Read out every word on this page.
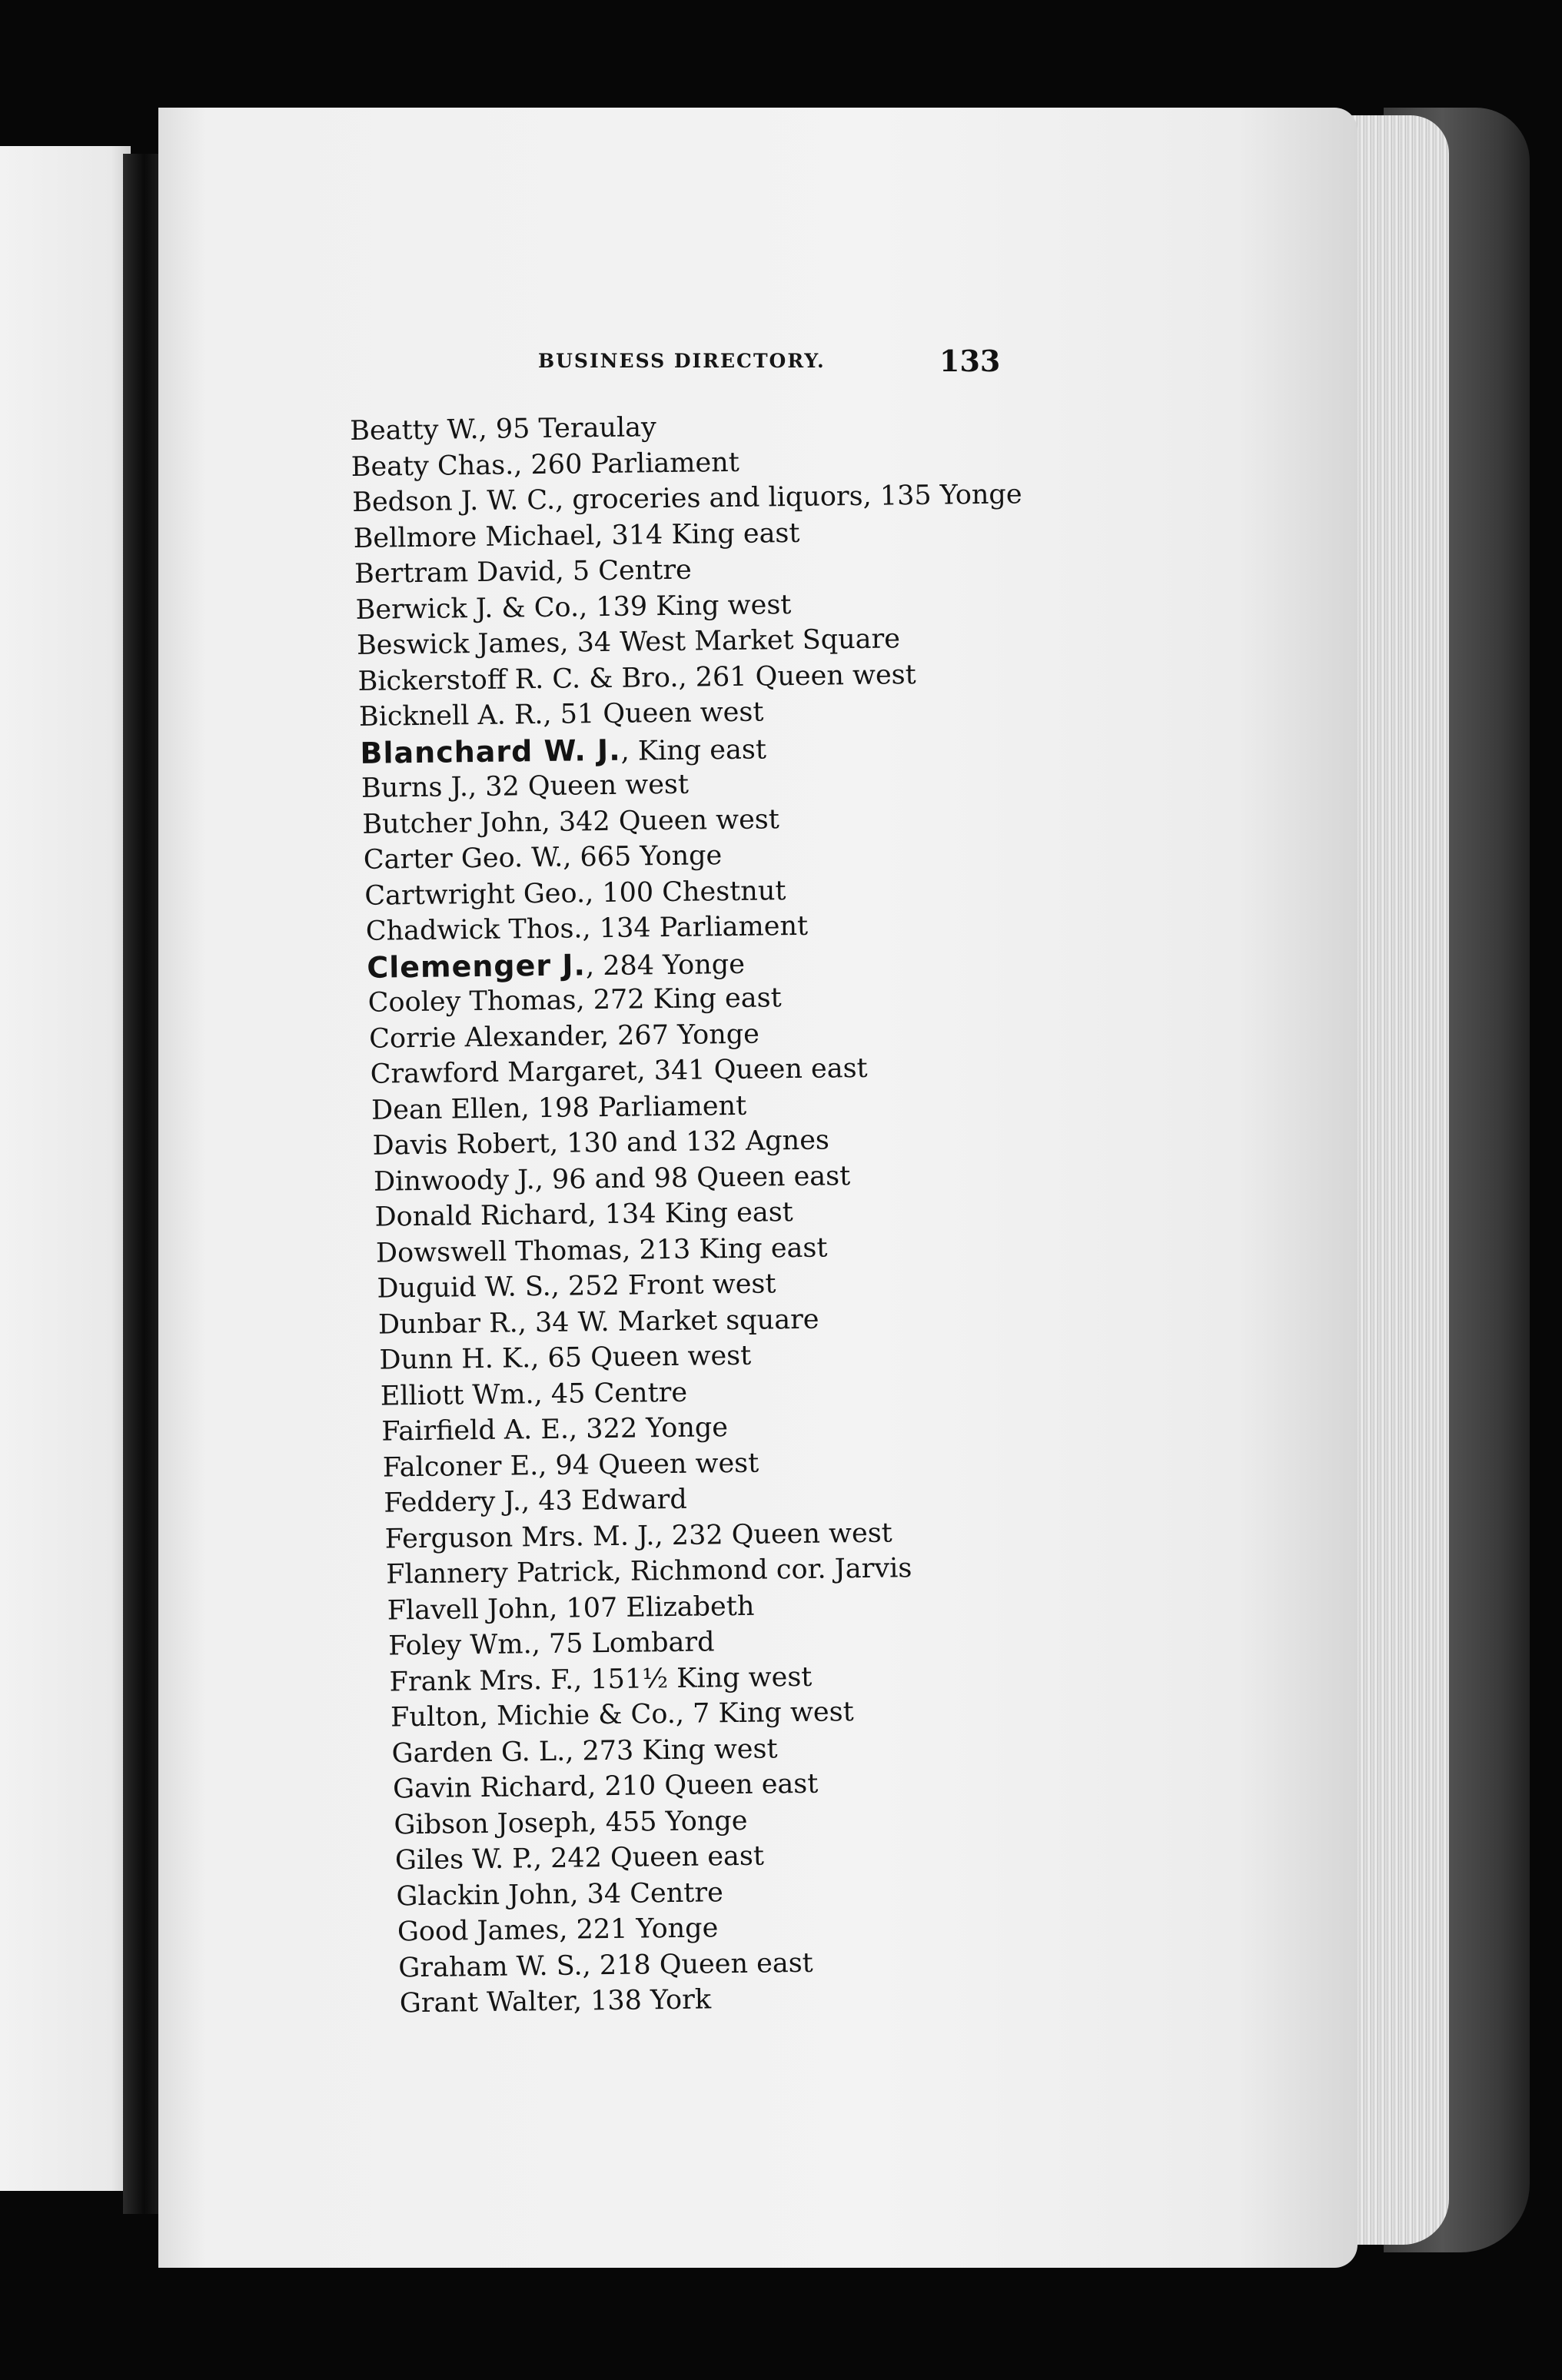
BUSINESS DIRECTORY.	133
Beatty W., 95 Teraulay
Beaty Chas., 260 Parliament
Bedson J. W. C., groceries and liquors, 135 Yonge
Bellmore Michael, 314 King east
Bertram David, 5 Centre
Berwick J. & Co., 139 King west
Beswick James, 34 West Market Square
Bickerstoff R. C. & Bro., 261 Queen west
Bicknell A. R., 51 Queen west
Blanchard W. J., King east
Burns J., 32 Queen west
Butcher John, 342 Queen west
Carter Geo. W., 665 Yonge
Cartwright Geo., 100 Chestnut
Chadwick Thos., 134 Parliament
Clemenger J., 284 Yonge
Cooley Thomas, 272 King east
Corrie Alexander, 267 Yonge
Crawford Margaret, 341 Queen east
Dean Ellen, 198 Parliament
Davis Robert, 130 and 132 Agnes
Dinwoody J., 96 and 98 Queen east
Donald Richard, 134 King east
Dowswell Thomas, 213 King east
Duguid W. S., 252 Front west
Dunbar R., 34 W. Market square
Dunn H. K., 65 Queen west
Elliott Wm., 45 Centre
Fairfield A. E., 322 Yonge
Falconer E., 94 Queen west
Feddery J., 43 Edward
Ferguson Mrs. M. J., 232 Queen west
Flannery Patrick, Richmond cor. Jarvis
Flavell John, 107 Elizabeth
Foley Wm., 75 Lombard
Frank Mrs. F., 151½ King west
Fulton, Michie & Co., 7 King west
Garden G. L., 273 King west
Gavin Richard, 210 Queen east
Gibson Joseph, 455 Yonge
Giles W. P., 242 Queen east
Glackin John, 34 Centre
Good James, 221 Yonge
Graham W. S., 218 Queen east
Grant Walter, 138 York
